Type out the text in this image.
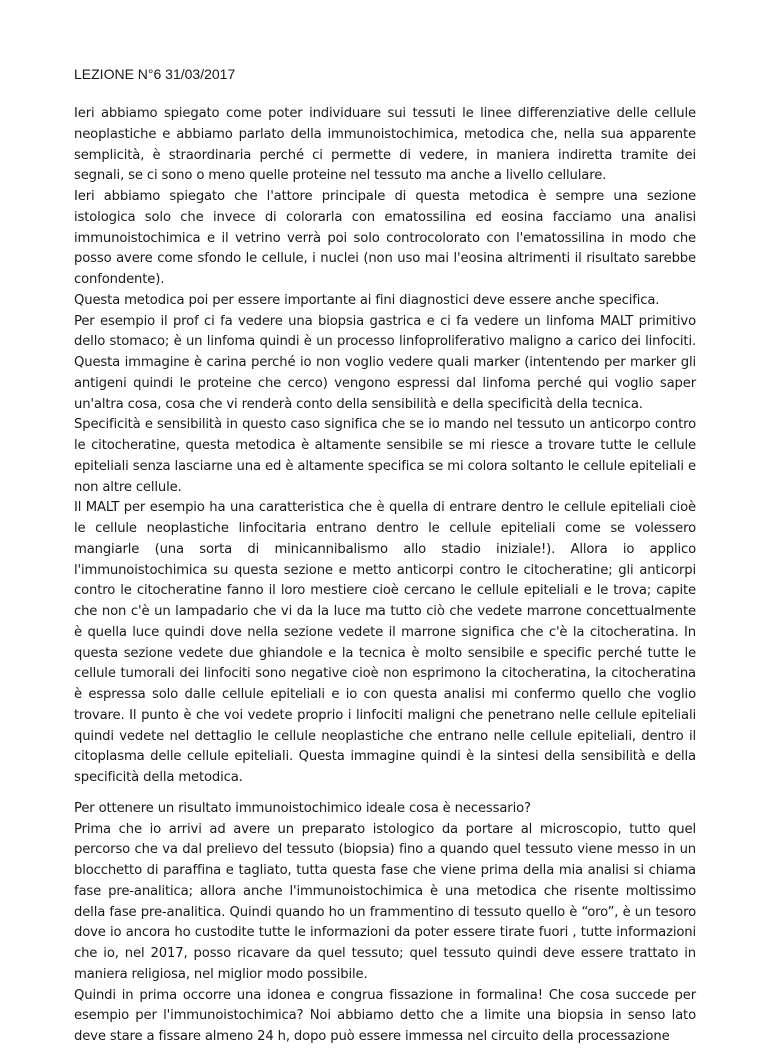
LEZIONE N°6 31/03/2017

Ieri abbiamo spiegato come poter individuare sui tessuti le linee differenziative delle cellule neoplastiche e abbiamo parlato della immunoistochimica, metodica che, nella sua apparente semplicità, è straordinaria perché ci permette di vedere, in maniera indiretta tramite dei segnali, se ci sono o meno quelle proteine nel tessuto ma anche a livello cellulare.

Ieri abbiamo spiegato che l'attore principale di questa metodica è sempre una sezione istologica solo che invece di colorarla con ematossilina ed eosina facciamo una analisi immunoistochimica e il vetrino verrà poi solo controcolorato con l'ematossilina in modo che posso avere come sfondo le cellule, i nuclei (non uso mai l'eosina altrimenti il risultato sarebbe confondente).

Questa metodica poi per essere importante ai fini diagnostici deve essere anche specifica.

Per esempio il prof ci fa vedere una biopsia gastrica e ci fa vedere un linfoma MALT primitivo dello stomaco; è un linfoma quindi è un processo linfoproliferativo maligno a carico dei linfociti. Questa immagine è carina perché io non voglio vedere quali marker (intentendo per marker gli antigeni quindi le proteine che cerco) vengono espressi dal linfoma perché qui voglio saper un'altra cosa, cosa che vi renderà conto della sensibilità e della specificità della tecnica.

Specificità e sensibilità in questo caso significa che se io mando nel tessuto un anticorpo contro le citocheratine, questa metodica è altamente sensibile se mi riesce a trovare tutte le cellule epiteliali senza lasciarne una ed è altamente specifica se mi colora soltanto le cellule epiteliali e non altre cellule.

Il MALT per esempio ha una caratteristica che è quella di entrare dentro le cellule epiteliali cioè le cellule neoplastiche linfocitaria entrano dentro le cellule epiteliali come se volessero mangiarle (una sorta di minicannibalismo allo stadio iniziale!). Allora io applico l'immunoistochimica su questa sezione e metto anticorpi contro le citocheratine; gli anticorpi contro le citocheratine fanno il loro mestiere cioè cercano le cellule epiteliali e le trova; capite che non c'è un lampadario che vi da la luce ma tutto ciò che vedete marrone concettualmente è quella luce quindi dove nella sezione vedete il marrone significa che c'è la citocheratina. In questa sezione vedete due ghiandole e la tecnica è molto sensibile e specific perché tutte le cellule tumorali dei linfociti sono negative cioè non esprimono la citocheratina, la citocheratina è espressa solo dalle cellule epiteliali e io con questa analisi mi confermo quello che voglio trovare. Il punto è che voi vedete proprio i linfociti maligni che penetrano nelle cellule epiteliali quindi vedete nel dettaglio le cellule neoplastiche che entrano nelle cellule epiteliali, dentro il citoplasma delle cellule epiteliali. Questa immagine quindi è la sintesi della sensibilità e della specificità della metodica.

Per ottenere un risultato immunoistochimico ideale cosa è necessario?

Prima che io arrivi ad avere un preparato istologico da portare al microscopio, tutto quel percorso che va dal prelievo del tessuto (biopsia) fino a quando quel tessuto viene messo in un blocchetto di paraffina e tagliato, tutta questa fase che viene prima della mia analisi si chiama fase pre-analitica; allora anche l'immunoistochimica è una metodica che risente moltissimo della fase pre-analitica. Quindi quando ho un frammentino di tessuto quello è “oro”, è un tesoro dove io ancora ho custodite tutte le informazioni da poter essere tirate fuori , tutte informazioni che io, nel 2017, posso ricavare da quel tessuto; quel tessuto quindi deve essere trattato in maniera religiosa, nel miglior modo possibile.

Quindi in prima occorre una idonea e congrua fissazione in formalina! Che cosa succede per esempio per l'immunoistochimica? Noi abbiamo detto che a limite una biopsia in senso lato deve stare a fissare almeno 24 h, dopo può essere immessa nel circuito della processazione
